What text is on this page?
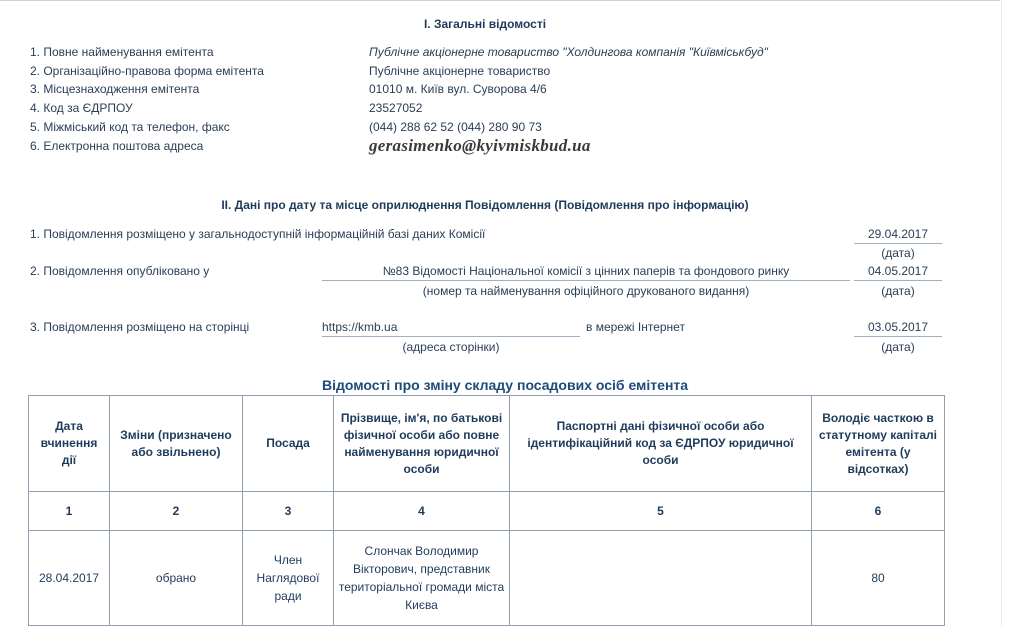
I. Загальні відомості
1. Повне найменування емітента	Публічне акціонерне товариство "Холдингова компанія "Київміськбуд"
2. Організаційно-правова форма емітента	Публічне акціонерне товариство
3. Місцезнаходження емітента	01010 м. Київ вул. Суворова 4/6
4. Код за ЄДРПОУ	23527052
5. Міжміський код та телефон, факс	(044) 288 62 52 (044) 280 90 73
6. Електронна поштова адреса	gerasimenko@kyivmiskbud.ua
II. Дані про дату та місце оприлюднення Повідомлення (Повідомлення про інформацію)
1. Повідомлення розміщено у загальнодоступній інформаційній базі даних Комісії	29.04.2017
(дата)
2. Повідомлення опубліковано у	№83 Відомості Національної комісії з цінних паперів та фондового ринку
(номер та найменування офіційного друкованого видання)
04.05.2017
(дата)
3. Повідомлення розміщено на сторінці	https://kmb.ua
(адреса сторінки)
в мережі Інтернет	03.05.2017
(дата)
Відомості про зміну складу посадових осіб емітента
Дата вчинення дії	Зміни (призначено або звільнено)	Посада	Прізвище, ім'я, по батькові фізичної особи або повне найменування юридичної особи	Паспортні дані фізичної особи або ідентифікаційний код за ЄДРПОУ юридичної особи	Володіє часткою в статутному капіталі емітента (у відсотках)
1	2	3	4	5	6
28.04.2017	обрано	Член Наглядової ради	Слончак Володимир Вікторович, представник територіальної громади міста Києва		80
